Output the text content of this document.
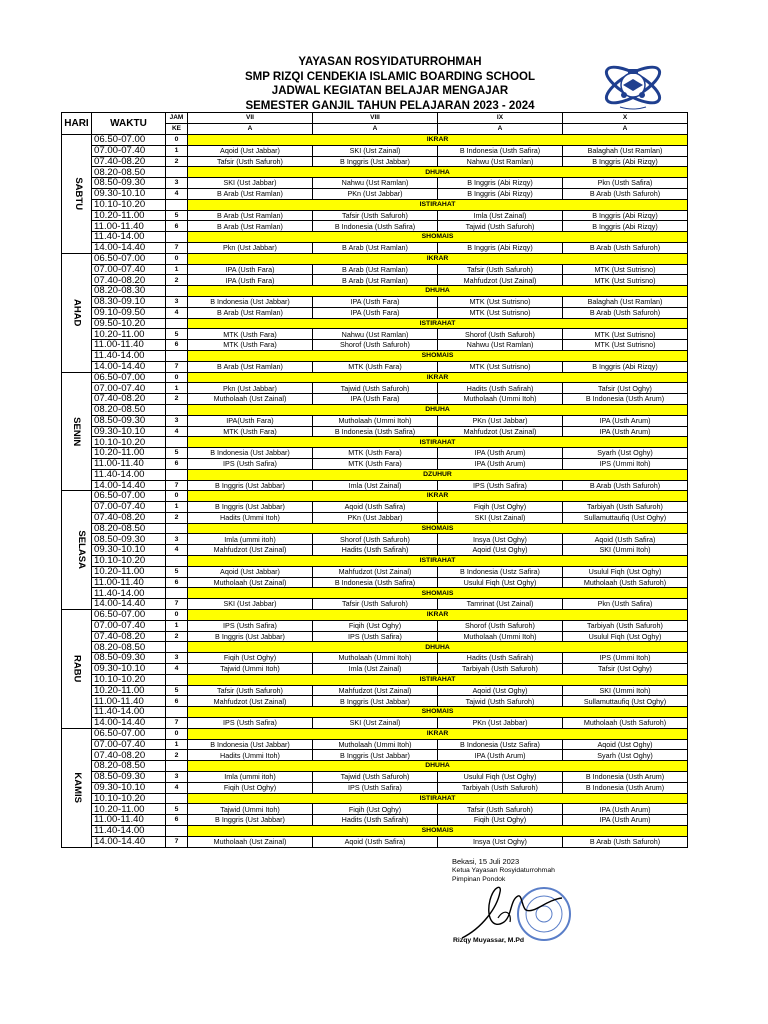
YAYASAN ROSYIDATURROHMAH
SMP RIZQI CENDEKIA ISLAMIC BOARDING SCHOOL
JADWAL KEGIATAN BELAJAR MENGAJAR
SEMESTER GANJIL TAHUN PELAJARAN 2023 - 2024
HARI	WAKTU	JAM	VII	VIII	IX	X
		KE	A	A	A	A
SABTU	06.50-07.00	0	IKRAR			
	07.00-07.40	1	Aqoid (Ust Jabbar)	SKI (Ust Zainal)	B Indonesia (Usth Safira)	Balaghah (Ust Ramlan)
	07.40-08.20	2	Tafsir (Usth Safuroh)	B Inggris (Ust Jabbar)	Nahwu (Ust Ramlan)	B Inggris (Abi Rizqy)
	08.20-08.50		DHUHA			
	08.50-09.30	3	SKI (Ust Jabbar)	Nahwu (Ust Ramlan)	B Inggris (Abi Rizqy)	Pkn (Usth Safira)
	09.30-10.10	4	B Arab (Ust Ramlan)	PKn (Ust Jabbar)	B Inggris (Abi Rizqy)	B Arab (Usth Safuroh)
	10.10-10.20		ISTIRAHAT			
	10.20-11.00	5	B Arab (Ust Ramlan)	Tafsir (Usth Safuroh)	Imla (Ust Zainal)	B Inggris (Abi Rizqy)
	11.00-11.40	6	B Arab (Ust Ramlan)	B Indonesia (Usth Safira)	Tajwid (Usth Safuroh)	B Inggris (Abi Rizqy)
	11.40-14.00		SHOMAIS			
	14.00-14.40	7	Pkn (Ust Jabbar)	B Arab (Ust Ramlan)	B Inggris (Abi Rizqy)	B Arab (Usth Safuroh)
AHAD	06.50-07.00	0	IKRAR			
	07.00-07.40	1	IPA (Usth Fara)	B Arab (Ust Ramlan)	Tafsir (Usth Safuroh)	MTK (Ust Sutrisno)
	07.40-08.20	2	IPA (Usth Fara)	B Arab (Ust Ramlan)	Mahfudzot (Ust Zainal)	MTK (Ust Sutrisno)
	08.20-08.30		DHUHA			
	08.30-09.10	3	B Indonesia (Ust Jabbar)	IPA (Usth Fara)	MTK (Ust Sutrisno)	Balaghah (Ust Ramlan)
	09.10-09.50	4	B Arab (Ust Ramlan)	IPA (Usth Fara)	MTK (Ust Sutrisno)	B Arab (Usth Safuroh)
	09.50-10.20		ISTIRAHAT			
	10.20-11.00	5	MTK (Usth Fara)	Nahwu (Ust Ramlan)	Shorof (Usth Safuroh)	MTK (Ust Sutrisno)
	11.00-11.40	6	MTK (Usth Fara)	Shorof (Usth Safuroh)	Nahwu (Ust Ramlan)	MTK (Ust Sutrisno)
	11.40-14.00		SHOMAIS			
	14.00-14.40	7	B Arab (Ust Ramlan)	MTK (Usth Fara)	MTK (Ust Sutrisno)	B Inggris (Abi Rizqy)
SENIN	06.50-07.00	0	IKRAR			
	07.00-07.40	1	Pkn (Ust Jabbar)	Tajwid (Usth Safuroh)	Hadits (Usth Safirah)	Tafsir (Ust Oghy)
	07.40-08.20	2	Mutholaah (Ust Zainal)	IPA (Usth Fara)	Mutholaah (Ummi Itoh)	B Indonesia (Usth Arum)
	08.20-08.50		DHUHA			
	08.50-09.30	3	IPA(Usth Fara)	Mutholaah (Ummi Itoh)	PKn (Ust Jabbar)	IPA (Usth Arum)
	09.30-10.10	4	MTK (Usth Fara)	B Indonesia (Usth Safira)	Mahfudzot (Ust Zainal)	IPA (Usth Arum)
	10.10-10.20		ISTIRAHAT			
	10.20-11.00	5	B Indonesia (Ust Jabbar)	MTK (Usth Fara)	IPA (Usth Arum)	Syarh (Ust Oghy)
	11.00-11.40	6	IPS (Usth Safira)	MTK (Usth Fara)	IPA (Usth Arum)	IPS (Ummi Itoh)
	11.40-14.00		DZUHUR			
	14.00-14.40	7	B Inggris (Ust Jabbar)	Imla (Ust Zainal)	IPS (Usth Safira)	B Arab (Usth Safuroh)
SELASA	06.50-07.00	0	IKRAR			
	07.00-07.40	1	B Inggris (Ust Jabbar)	Aqoid (Usth Safira)	Fiqih (Ust Oghy)	Tarbiyah (Usth Safuroh)
	07.40-08.20	2	Hadits (Ummi Itoh)	PKn (Ust Jabbar)	SKI (Ust Zainal)	Sullamuttaufiq (Ust Oghy)
	08.20-08.50		SHOMAIS			
	08.50-09.30	3	Imla (ummi itoh)	Shorof (Usth Safuroh)	Insya (Ust Oghy)	Aqoid (Usth Safira)
	09.30-10.10	4	Mahfudzot (Ust Zainal)	Hadits (Usth Safirah)	Aqoid (Ust Oghy)	SKI (Ummi Itoh)
	10.10-10.20		ISTIRAHAT			
	10.20-11.00	5	Aqoid (Ust Jabbar)	Mahfudzot (Ust Zainal)	B Indonesia (Ustz Safira)	Usulul Fiqh (Ust Oghy)
	11.00-11.40	6	Mutholaah (Ust Zainal)	B Indonesia (Usth Safira)	Usulul Fiqh (Ust Oghy)	Mutholaah (Usth Safuroh)
	11.40-14.00		SHOMAIS			
	14.00-14.40	7	SKI (Ust Jabbar)	Tafsir (Usth Safuroh)	Tamrinat (Ust Zainal)	Pkn (Usth Safira)
RABU	06.50-07.00	0	IKRAR			
	07.00-07.40	1	IPS (Usth Safira)	Fiqih (Ust Oghy)	Shorof (Usth Safuroh)	Tarbiyah (Usth Safuroh)
	07.40-08.20	2	B Inggris (Ust Jabbar)	IPS (Usth Safira)	Mutholaah (Ummi Itoh)	Usulul Fiqh (Ust Oghy)
	08.20-08.50		DHUHA			
	08.50-09.30	3	Fiqih (Ust Oghy)	Mutholaah (Ummi Itoh)	Hadits (Usth Safirah)	IPS (Ummi Itoh)
	09.30-10.10	4	Tajwid (Ummi Itoh)	Imla (Ust Zainal)	Tarbiyah (Usth Safuroh)	Tafsir (Ust Oghy)
	10.10-10.20		ISTIRAHAT			
	10.20-11.00	5	Tafsir (Usth Safuroh)	Mahfudzot (Ust Zainal)	Aqoid (Ust Oghy)	SKI (Ummi Itoh)
	11.00-11.40	6	Mahfudzot (Ust Zainal)	B Inggris (Ust Jabbar)	Tajwid (Usth Safuroh)	Sullamuttaufiq (Ust Oghy)
	11.40-14.00		SHOMAIS			
	14.00-14.40	7	IPS (Usth Safira)	SKI (Ust Zainal)	PKn (Ust Jabbar)	Mutholaah (Usth Safuroh)
KAMIS	06.50-07.00	0	IKRAR			
	07.00-07.40	1	B Indonesia (Ust Jabbar)	Mutholaah (Ummi Itoh)	B Indonesia (Ustz Safira)	Aqoid (Ust Oghy)
	07.40-08.20	2	Hadits (Ummi Itoh)	B Inggris (Ust Jabbar)	IPA (Usth Arum)	Syarh (Ust Oghy)
	08.20-08.50		DHUHA			
	08.50-09.30	3	Imla (ummi itoh)	Tajwid (Usth Safuroh)	Usulul Fiqh (Ust Oghy)	B Indonesia (Usth Arum)
	09.30-10.10	4	Fiqih (Ust Oghy)	IPS (Usth Safira)	Tarbiyah (Usth Safuroh)	B Indonesia (Usth Arum)
	10.10-10.20		ISTIRAHAT			
	10.20-11.00	5	Tajwid (Ummi Itoh)	Fiqih (Ust Oghy)	Tafsir (Usth Safuroh)	IPA (Usth Arum)
	11.00-11.40	6	B Inggris (Ust Jabbar)	Hadits (Usth Safirah)	Fiqih (Ust Oghy)	IPA (Usth Arum)
	11.40-14.00		SHOMAIS			
	14.00-14.40	7	Mutholaah (Ust Zainal)	Aqoid (Usth Safira)	Insya (Ust Oghy)	B Arab (Usth Safuroh)
Bekasi, 15 Juli 2023
Ketua Yayasan Rosyidaturrohmah
Pimpinan Pondok
Rizqy Muyassar, M.Pd
